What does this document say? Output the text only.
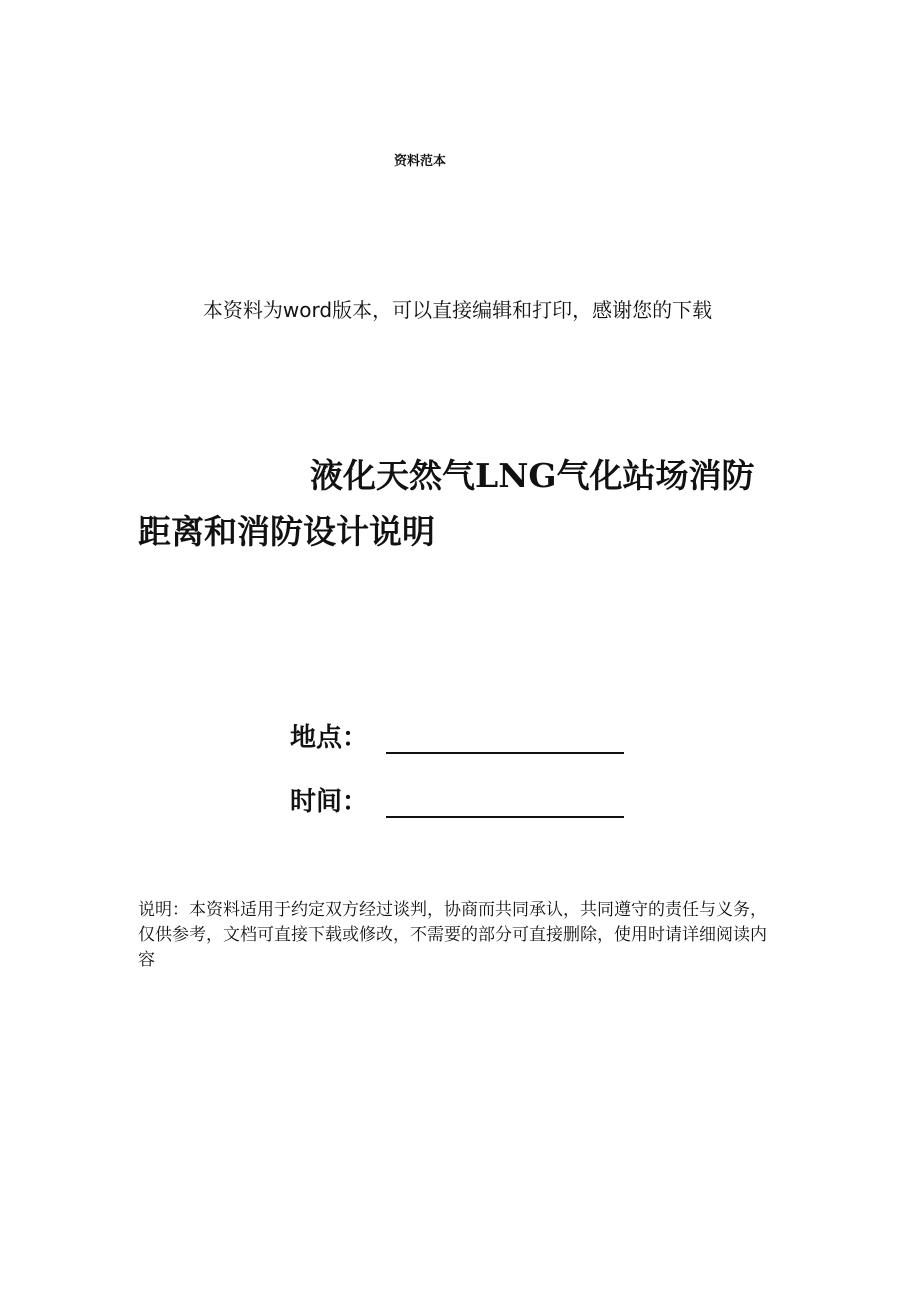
资料范本
本资料为word版本，可以直接编辑和打印，感谢您的下载
液化天然气LNG气化站场消防距离和消防设计说明
地点：
时间：
说明：本资料适用于约定双方经过谈判，协商而共同承认，共同遵守的责任与义务，仅供参考，文档可直接下载或修改，不需要的部分可直接删除，使用时请详细阅读内容
